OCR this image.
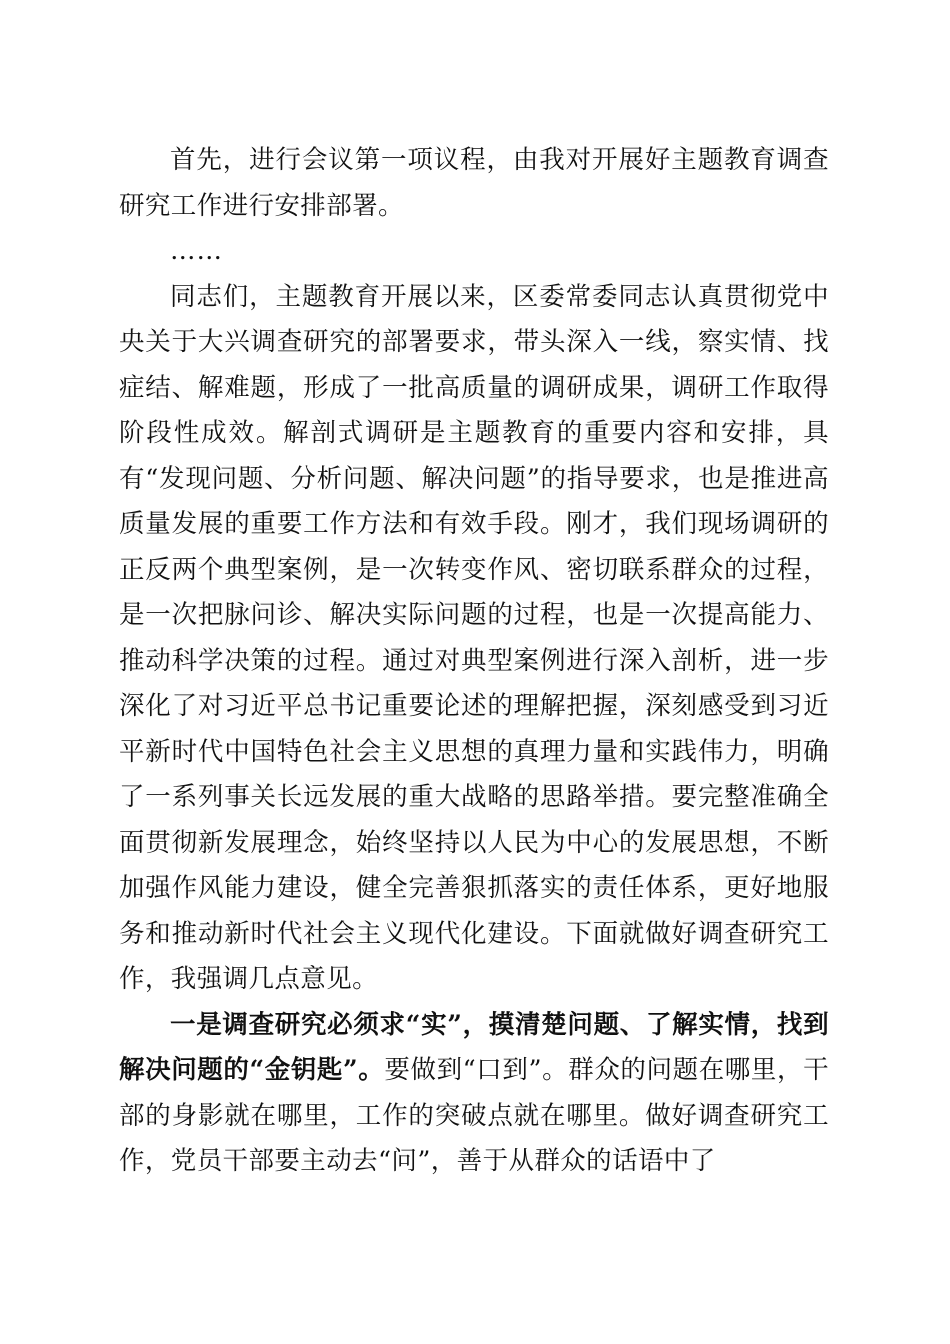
首先，进行会议第一项议程，由我对开展好主题教育调查研究工作进行安排部署。

……

同志们，主题教育开展以来，区委常委同志认真贯彻党中央关于大兴调查研究的部署要求，带头深入一线，察实情、找症结、解难题，形成了一批高质量的调研成果，调研工作取得阶段性成效。解剖式调研是主题教育的重要内容和安排，具有“发现问题、分析问题、解决问题”的指导要求，也是推进高质量发展的重要工作方法和有效手段。刚才，我们现场调研的正反两个典型案例，是一次转变作风、密切联系群众的过程，是一次把脉问诊、解决实际问题的过程，也是一次提高能力、推动科学决策的过程。通过对典型案例进行深入剖析，进一步深化了对习近平总书记重要论述的理解把握，深刻感受到习近平新时代中国特色社会主义思想的真理力量和实践伟力，明确了一系列事关长远发展的重大战略的思路举措。要完整准确全面贯彻新发展理念，始终坚持以人民为中心的发展思想，不断加强作风能力建设，健全完善狠抓落实的责任体系，更好地服务和推动新时代社会主义现代化建设。下面就做好调查研究工作，我强调几点意见。

一是调查研究必须求“实”，摸清楚问题、了解实情，找到解决问题的“金钥匙”。要做到“口到”。群众的问题在哪里，干部的身影就在哪里，工作的突破点就在哪里。做好调查研究工作，党员干部要主动去“问”，善于从群众的话语中了
